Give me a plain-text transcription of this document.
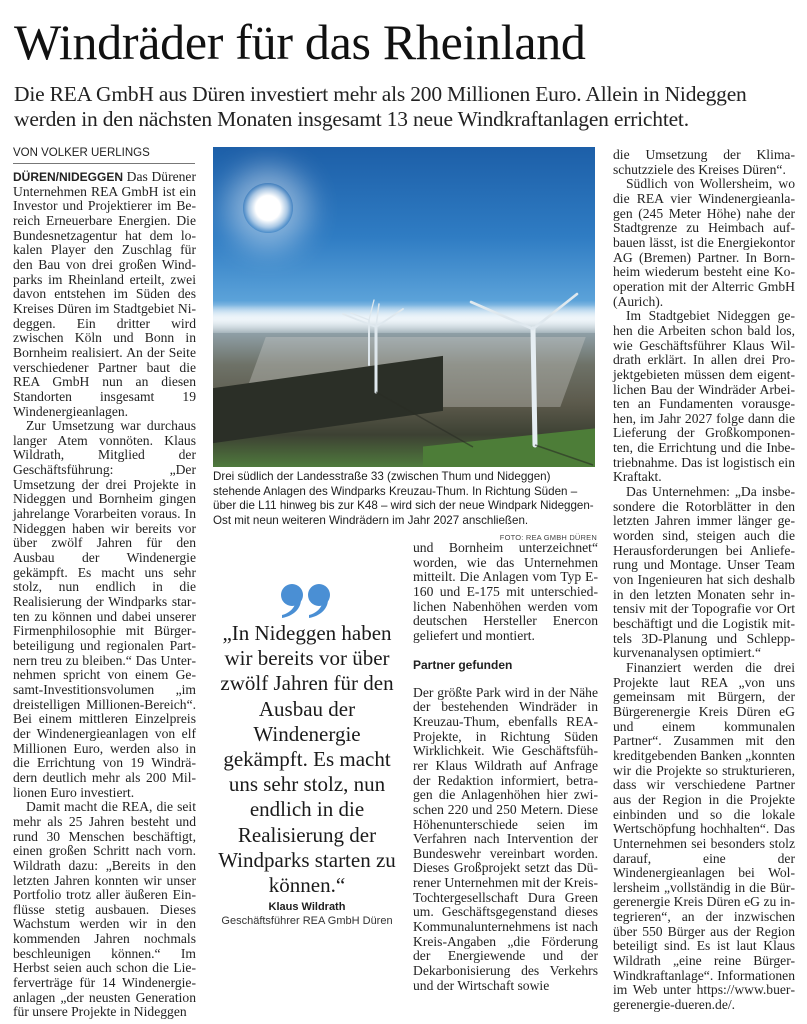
Windräder für das Rheinland
Die REA GmbH aus Düren investiert mehr als 200 Millionen Euro. Allein in Nideggen werden in den nächsten Monaten insgesamt 13 neue Windkraftanlagen errichtet.
VON VOLKER UERLINGS

DÜREN/NIDEGGEN Das Dürener Unternehmen REA GmbH ist ein Investor und Projektierer im Bereich Erneuerbare Energien. Die Bundesnetzagentur hat dem lokalen Player den Zuschlag für den Bau von drei großen Windparks im Rheinland erteilt, zwei davon entstehen im Süden des Kreises Düren im Stadtgebiet Nideggen. Ein dritter wird zwischen Köln und Bonn in Bornheim realisiert. An der Seite verschiedener Partner baut die REA GmbH nun an diesen Standorten insgesamt 19 Windenergieanlagen.

Zur Umsetzung war durchaus langer Atem vonnöten. Klaus Wildrath, Mitglied der Geschäftsführung: „Der Umsetzung der drei Projekte in Nideggen und Bornheim gingen jahrelange Vorarbeiten voraus. In Nideggen haben wir bereits vor über zwölf Jahren für den Ausbau der Windenergie gekämpft. Es macht uns sehr stolz, nun endlich in die Realisierung der Windparks starten zu können und dabei unserer Firmenphilosophie mit Bürgerbeteiligung und regionalen Partnern treu zu bleiben.“ Das Unternehmen spricht von einem Gesamt-Investitionsvolumen „im dreistelligen Millionen-Bereich“. Bei einem mittleren Einzelpreis der Windenergieanlagen von elf Millionen Euro, werden also in die Errichtung von 19 Windrädern deutlich mehr als 200 Millionen Euro investiert.

Damit macht die REA, die seit mehr als 25 Jahren besteht und rund 30 Menschen beschäftigt, einen großen Schritt nach vorn. Wildrath dazu: „Bereits in den letzten Jahren konnten wir unser Portfolio trotz aller äußeren Einflüsse stetig ausbauen. Dieses Wachstum werden wir in den kommenden Jahren nochmals beschleunigen können.“ Im Herbst seien auch schon die Lieferverträge für 14 Windenergieanlagen „der neusten Generation für unsere Projekte in Nideggen

Drei südlich der Landesstraße 33 (zwischen Thum und Nideggen) stehende Anlagen des Windparks Kreuzau-Thum. In Richtung Süden – über die L11 hinweg bis zur K48 – wird sich der neue Windpark Nideggen-Ost mit neun weiteren Windrädern im Jahr 2027 anschließen.
FOTO: REA GMBH DÜREN
„In Nideggen haben wir bereits vor über zwölf Jahren für den Ausbau der Windenergie gekämpft. Es macht uns sehr stolz, nun endlich in die Realisierung der Windparks starten zu können.“
Klaus Wildrath
Geschäftsführer REA GmbH Düren

und Bornheim unterzeichnet“ worden, wie das Unternehmen mitteilt. Die Anlagen vom Typ E-160 und E-175 mit unterschiedlichen Nabenhöhen werden vom deutschen Hersteller Enercon geliefert und montiert.

Partner gefunden

Der größte Park wird in der Nähe der bestehenden Windräder in Kreuzau-Thum, ebenfalls REA-Projekte, in Richtung Süden Wirklichkeit. Wie Geschäftsführer Klaus Wildrath auf Anfrage der Redaktion informiert, betragen die Anlagenhöhen hier zwischen 220 und 250 Metern. Diese Höhenunterschiede seien im Verfahren nach Intervention der Bundeswehr vereinbart worden. Dieses Großprojekt setzt das Dürener Unternehmen mit der Kreis-Tochtergesellschaft Dura Green um. Geschäftsgegenstand dieses Kommunalunternehmens ist nach Kreis-Angaben „die Förderung der Energiewende und der Dekarbonisierung des Verkehrs und der Wirtschaft sowie

die Umsetzung der Klimaschutzziele des Kreises Düren“.

Südlich von Wollersheim, wo die REA vier Windenergieanlagen (245 Meter Höhe) nahe der Stadtgrenze zu Heimbach aufbauen lässt, ist die Energiekontor AG (Bremen) Partner. In Bornheim wiederum besteht eine Kooperation mit der Alterric GmbH (Aurich).

Im Stadtgebiet Nideggen gehen die Arbeiten schon bald los, wie Geschäftsführer Klaus Wildrath erklärt. In allen drei Projektgebieten müssen dem eigentlichen Bau der Windräder Arbeiten an Fundamenten vorausgehen, im Jahr 2027 folge dann die Lieferung der Großkomponenten, die Errichtung und die Inbetriebnahme. Das ist logistisch ein Kraftakt.

Das Unternehmen: „Da insbesondere die Rotorblätter in den letzten Jahren immer länger geworden sind, steigen auch die Herausforderungen bei Anlieferung und Montage. Unser Team von Ingenieuren hat sich deshalb in den letzten Monaten sehr intensiv mit der Topografie vor Ort beschäftigt und die Logistik mittels 3D-Planung und Schleppkurvenanalysen optimiert.“

Finanziert werden die drei Projekte laut REA „von uns gemeinsam mit Bürgern, der Bürgerenergie Kreis Düren eG und einem kommunalen Partner“. Zusammen mit den kreditgebenden Banken „konnten wir die Projekte so strukturieren, dass wir verschiedene Partner aus der Region in die Projekte einbinden und so die lokale Wertschöpfung hochhalten“. Das Unternehmen sei besonders stolz darauf, eine der Windenergieanlagen bei Wollersheim „vollständig in die Bürgerenergie Kreis Düren eG zu integrieren“, an der inzwischen über 550 Bürger aus der Region beteiligt sind. Es ist laut Klaus Wildrath „eine reine Bürger-Windkraftanlage“. Informationen im Web unter https://www.buergerenergie-dueren.de/.
